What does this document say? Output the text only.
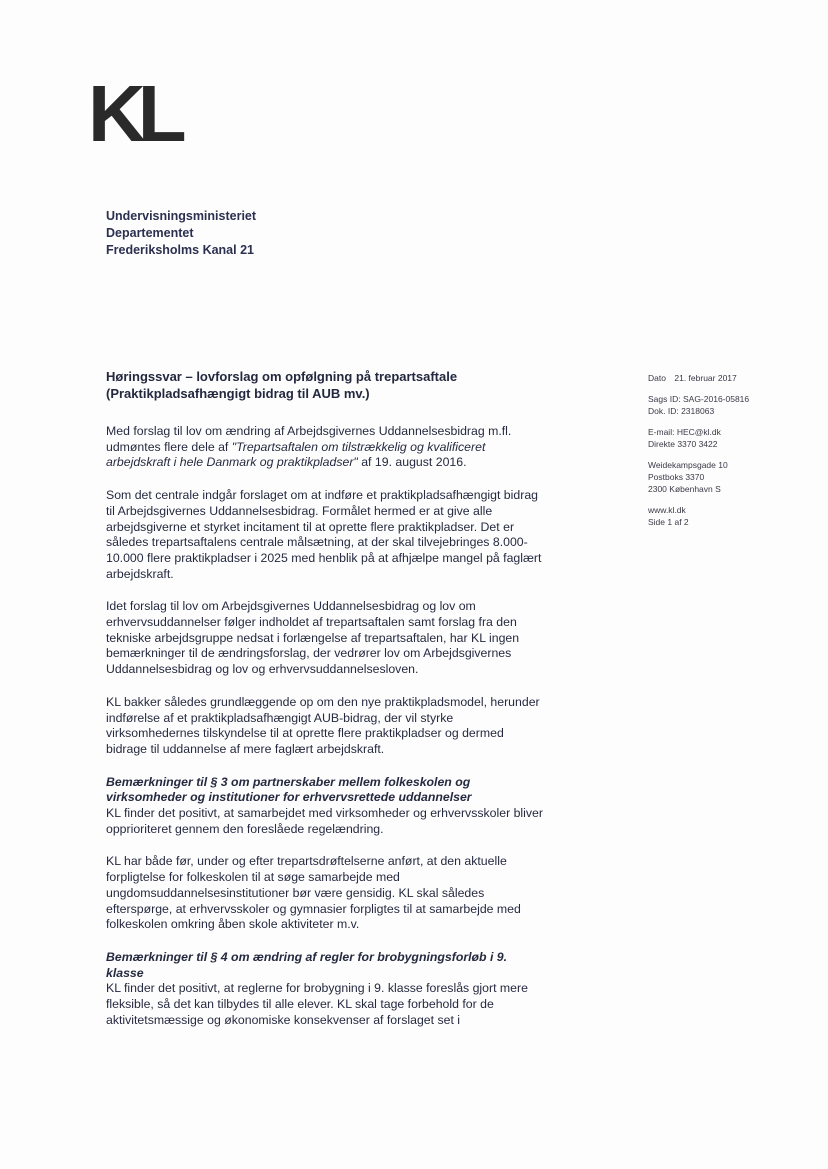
KL
Undervisningsministeriet
Departementet
Frederiksholms Kanal 21

Høringssvar – lovforslag om opfølgning på trepartsaftale (Praktikpladsafhængigt bidrag til AUB mv.)

Med forslag til lov om ændring af Arbejdsgivernes Uddannelsesbidrag m.fl. udmøntes flere dele af "Trepartsaftalen om tilstrækkelig og kvalificeret arbejdskraft i hele Danmark og praktikpladser" af 19. august 2016.

Som det centrale indgår forslaget om at indføre et praktikpladsafhængigt bidrag til Arbejdsgivernes Uddannelsesbidrag. Formålet hermed er at give alle arbejdsgiverne et styrket incitament til at oprette flere praktikpladser. Det er således trepartsaftalens centrale målsætning, at der skal tilvejebringes 8.000-10.000 flere praktikpladser i 2025 med henblik på at afhjælpe mangel på faglært arbejdskraft.

Idet forslag til lov om Arbejdsgivernes Uddannelsesbidrag og lov om erhvervsuddannelser følger indholdet af trepartsaftalen samt forslag fra den tekniske arbejdsgruppe nedsat i forlængelse af trepartsaftalen, har KL ingen bemærkninger til de ændringsforslag, der vedrører lov om Arbejdsgivernes Uddannelsesbidrag og lov og erhvervsuddannelsesloven.

KL bakker således grundlæggende op om den nye praktikpladsmodel, herunder indførelse af et praktikpladsafhængigt AUB-bidrag, der vil styrke virksomhedernes tilskyndelse til at oprette flere praktikpladser og dermed bidrage til uddannelse af mere faglært arbejdskraft.

Bemærkninger til § 3 om partnerskaber mellem folkeskolen og virksomheder og institutioner for erhvervsrettede uddannelser

KL finder det positivt, at samarbejdet med virksomheder og erhvervsskoler bliver opprioriteret gennem den foreslåede regelændring.

KL har både før, under og efter trepartsdrøftelserne anført, at den aktuelle forpligtelse for folkeskolen til at søge samarbejde med ungdomsuddannelsesinstitutioner bør være gensidig. KL skal således efterspørge, at erhvervsskoler og gymnasier forpligtes til at samarbejde med folkeskolen omkring åben skole aktiviteter m.v.

Bemærkninger til § 4 om ændring af regler for brobygningsforløb i 9. klasse

KL finder det positivt, at reglerne for brobygning i 9. klasse foreslås gjort mere fleksible, så det kan tilbydes til alle elever. KL skal tage forbehold for de aktivitetsmæssige og økonomiske konsekvenser af forslaget set i

Dato 21. februar 2017
Sags ID: SAG-2016-05816
Dok. ID: 2318063
E-mail: HEC@kl.dk
Direkte 3370 3422
Weidekampsgade 10
Postboks 3370
2300 København S
www.kl.dk
Side 1 af 2
